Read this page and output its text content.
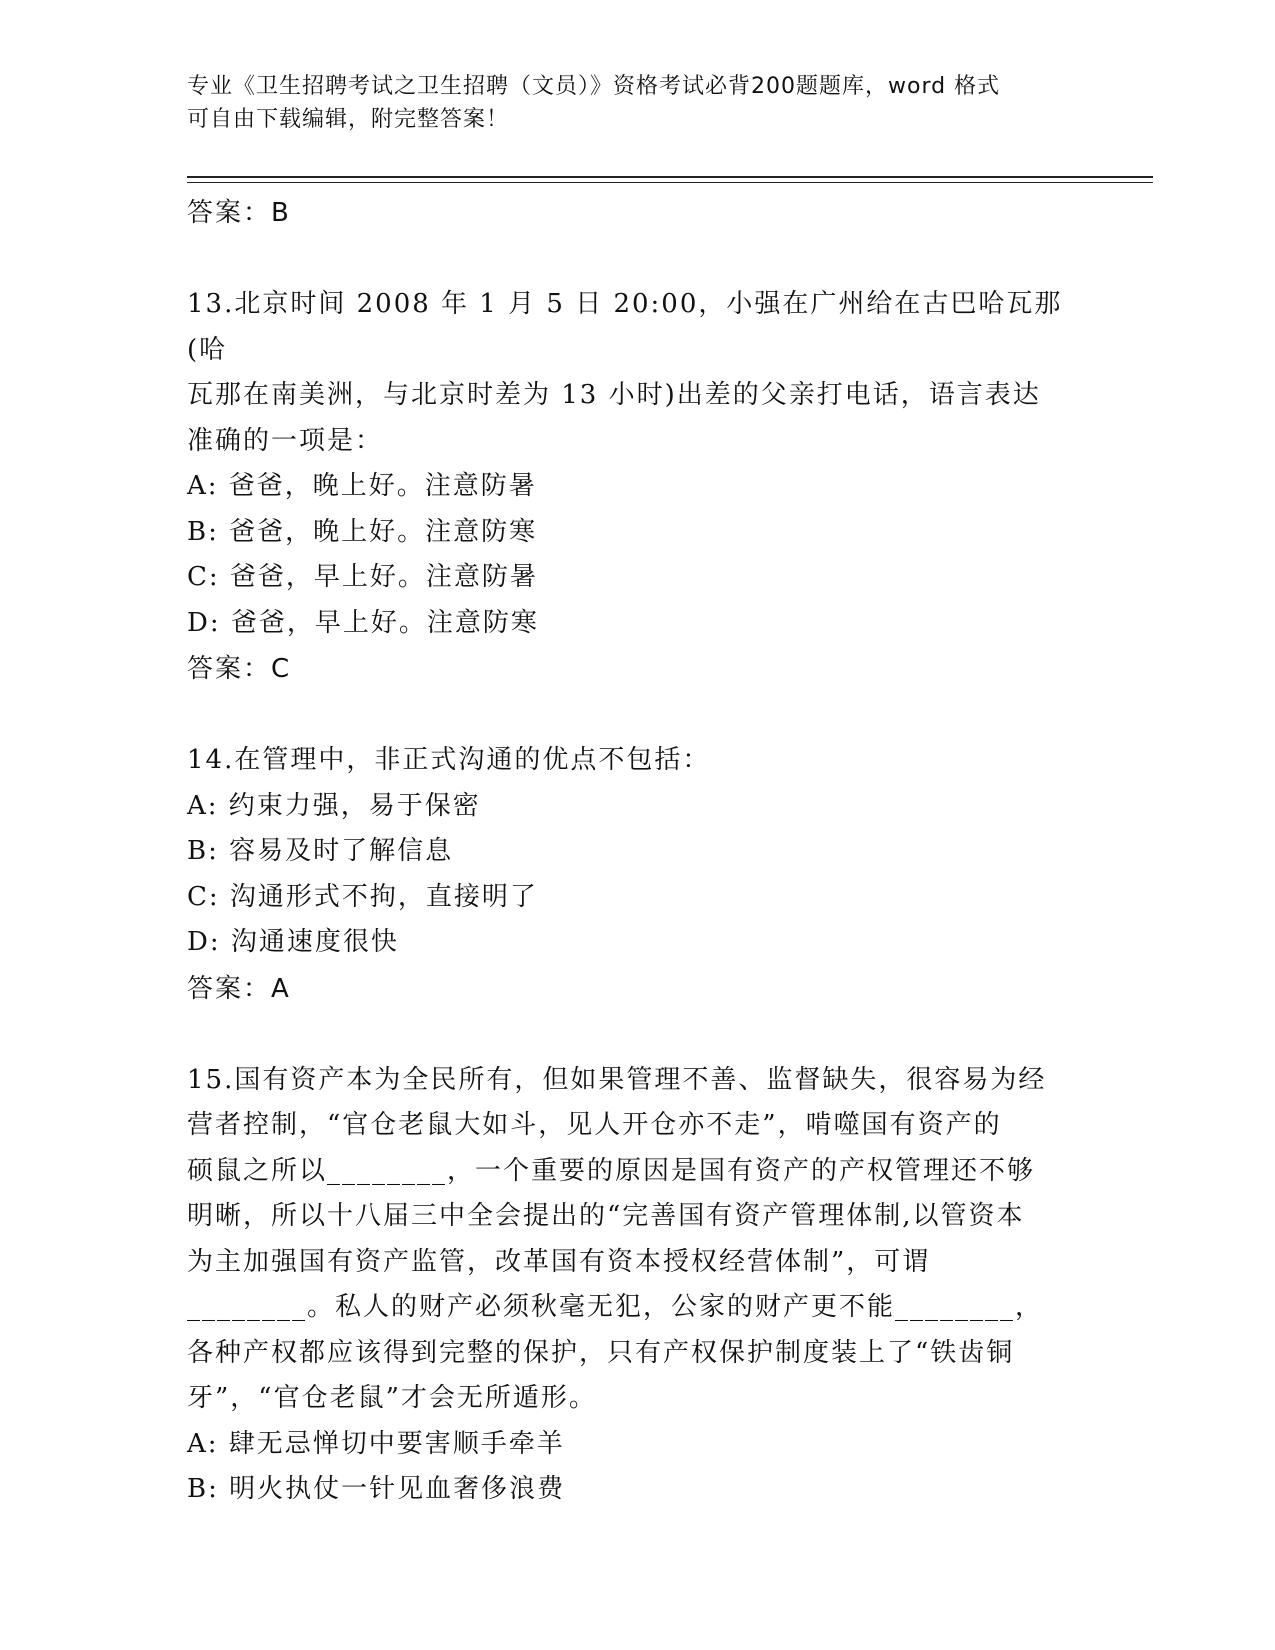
专业《卫生招聘考试之卫生招聘（文员）》资格考试必背200题题库，word 格式
可自由下载编辑，附完整答案！
答案：B
13.北京时间 2008 年 1 月 5 日 20:00，小强在广州给在古巴哈瓦那(哈
瓦那在南美洲，与北京时差为 13 小时)出差的父亲打电话，语言表达
准确的一项是：
A: 爸爸，晚上好。注意防暑
B: 爸爸，晚上好。注意防寒
C: 爸爸，早上好。注意防暑
D: 爸爸，早上好。注意防寒
答案：C
14.在管理中，非正式沟通的优点不包括：
A: 约束力强，易于保密
B: 容易及时了解信息
C: 沟通形式不拘，直接明了
D: 沟通速度很快
答案：A
15.国有资产本为全民所有，但如果管理不善、监督缺失，很容易为经
营者控制，“官仓老鼠大如斗，见人开仓亦不走”，啃噬国有资产的
硕鼠之所以________，一个重要的原因是国有资产的产权管理还不够
明晰，所以十八届三中全会提出的“完善国有资产管理体制,以管资本
为主加强国有资产监管，改革国有资本授权经营体制”，可谓
________。私人的财产必须秋毫无犯，公家的财产更不能________，
各种产权都应该得到完整的保护，只有产权保护制度装上了“铁齿铜
牙”，“官仓老鼠”才会无所遁形。
A: 肆无忌惮切中要害顺手牵羊
B: 明火执仗一针见血奢侈浪费
